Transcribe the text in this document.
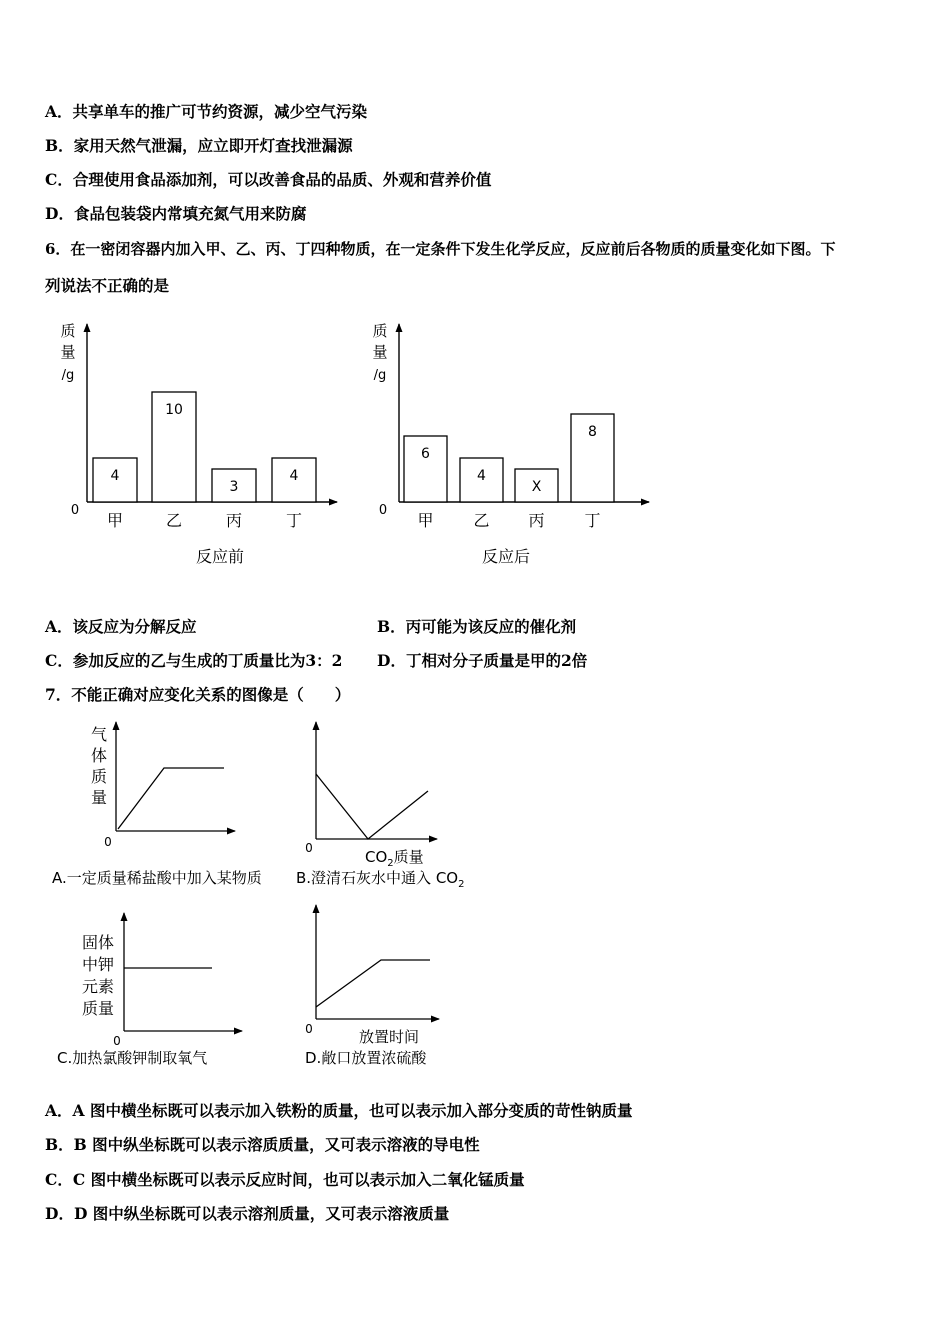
A．共享单车的推广可节约资源，减少空气污染
B．家用天然气泄漏，应立即开灯查找泄漏源
C．合理使用食品添加剂，可以改善食品的品质、外观和营养价值
D．食品包装袋内常填充氮气用来防腐
6．在一密闭容器内加入甲、乙、丙、丁四种物质，在一定条件下发生化学反应，反应前后各物质的质量变化如下图。下
列说法不正确的是
质
量
/g
0
4
甲
10
乙
3
丙
4
丁
反应前
质
量
/g
0
6
甲
4
乙
X
丙
8
丁
反应后
A．该反应为分解反应	B．丙可能为该反应的催化剂
C．参加反应的乙与生成的丁质量比为3：2 D．丁相对分子质量是甲的2倍
7．不能正确对应变化关系的图像是（　　）
气
体
质
量
0
A.一定质量稀盐酸中加入某物质
0	$CO_2$质量
B.澄清石灰水中通入 $CO_2$
固体
中钾
元素
质量
0
C.加热氯酸钾制取氧气
0	放置时间
D.敞口放置浓硫酸
A．A 图中横坐标既可以表示加入铁粉的质量，也可以表示加入部分变质的苛性钠质量
B．B 图中纵坐标既可以表示溶质质量，又可表示溶液的导电性
C．C 图中横坐标既可以表示反应时间，也可以表示加入二氧化锰质量
D．D 图中纵坐标既可以表示溶剂质量，又可表示溶液质量
